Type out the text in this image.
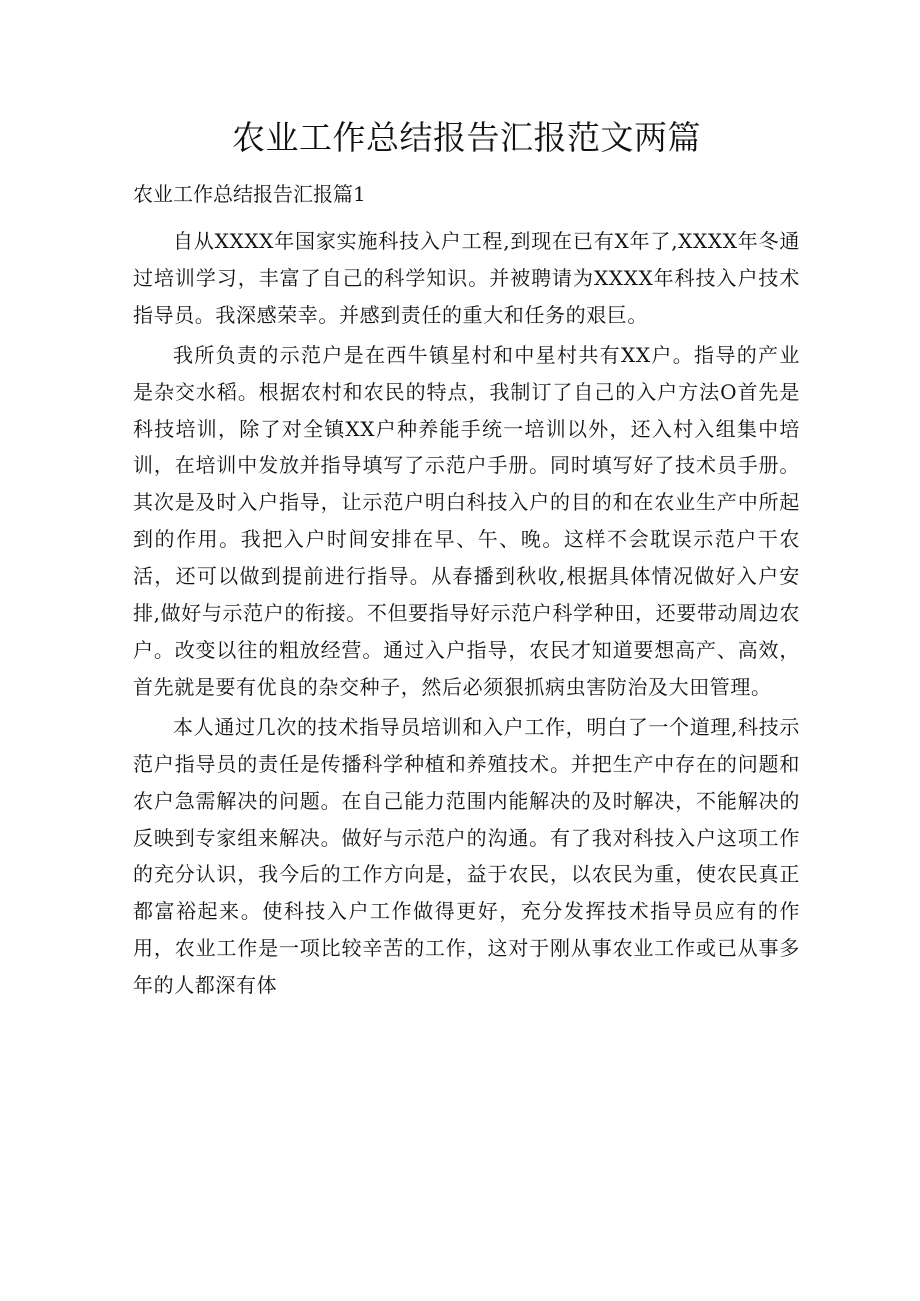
农业工作总结报告汇报范文两篇
农业工作总结报告汇报篇1

自从XXXX年国家实施科技入户工程,到现在已有X年了,XXXX年冬通过培训学习，丰富了自己的科学知识。并被聘请为XXXX年科技入户技术指导员。我深感荣幸。并感到责任的重大和任务的艰巨。

我所负责的示范户是在西牛镇星村和中星村共有XX户。指导的产业是杂交水稻。根据农村和农民的特点，我制订了自己的入户方法O首先是科技培训，除了对全镇XX户种养能手统一培训以外，还入村入组集中培训，在培训中发放并指导填写了示范户手册。同时填写好了技术员手册。其次是及时入户指导，让示范户明白科技入户的目的和在农业生产中所起到的作用。我把入户时间安排在早、午、晚。这样不会耽误示范户干农活，还可以做到提前进行指导。从春播到秋收,根据具体情况做好入户安排,做好与示范户的衔接。不但要指导好示范户科学种田，还要带动周边农户。改变以往的粗放经营。通过入户指导，农民才知道要想高产、高效，首先就是要有优良的杂交种子，然后必须狠抓病虫害防治及大田管理。

本人通过几次的技术指导员培训和入户工作，明白了一个道理,科技示范户指导员的责任是传播科学种植和养殖技术。并把生产中存在的问题和农户急需解决的问题。在自己能力范围内能解决的及时解决，不能解决的反映到专家组来解决。做好与示范户的沟通。有了我对科技入户这项工作的充分认识，我今后的工作方向是，益于农民，以农民为重，使农民真正都富裕起来。使科技入户工作做得更好，充分发挥技术指导员应有的作用，农业工作是一项比较辛苦的工作，这对于刚从事农业工作或已从事多年的人都深有体
